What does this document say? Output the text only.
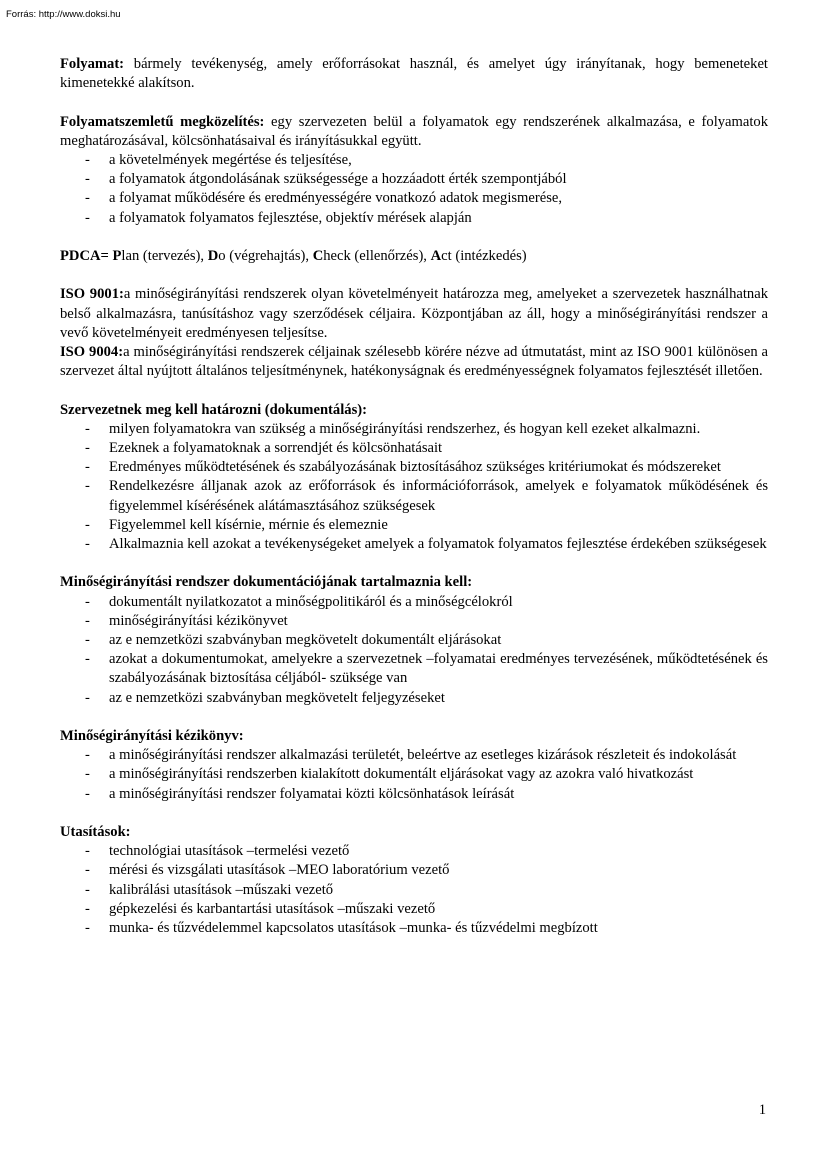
Forrás: http://www.doksi.hu

Folyamat: bármely tevékenység, amely erőforrásokat használ, és amelyet úgy irányítanak, hogy bemeneteket kimenetekké alakítson.

Folyamatszemletű megközelítés: egy szervezeten belül a folyamatok egy rendszerének alkalmazása, e folyamatok meghatározásával, kölcsönhatásaival és irányításukkal együtt.

- a követelmények megértése és teljesítése,
- a folyamatok átgondolásának szükségessége a hozzáadott érték szempontjából
- a folyamat működésére és eredményességére vonatkozó adatok megismerése,
- a folyamatok folyamatos fejlesztése, objektív mérések alapján

PDCA= Plan (tervezés), Do (végrehajtás), Check (ellenőrzés), Act (intézkedés)

ISO 9001:a minőségirányítási rendszerek olyan követelményeit határozza meg, amelyeket a szervezetek használhatnak belső alkalmazásra, tanúsításhoz vagy szerződések céljaira. Központjában az áll, hogy a minőségirányítási rendszer a vevő követelményeit eredményesen teljesítse.

ISO 9004:a minőségirányítási rendszerek céljainak szélesebb körére nézve ad útmutatást, mint az ISO 9001 különösen a szervezet által nyújtott általános teljesítménynek, hatékonyságnak és eredményességnek folyamatos fejlesztését illetően.

Szervezetnek meg kell határozni (dokumentálás):

- milyen folyamatokra van szükség a minőségirányítási rendszerhez, és hogyan kell ezeket alkalmazni.
- Ezeknek a folyamatoknak a sorrendjét és kölcsönhatásait
- Eredményes működtetésének és szabályozásának biztosításához szükséges kritériumokat és módszereket
- Rendelkezésre álljanak azok az erőforrások és információforrások, amelyek e folyamatok működésének és figyelemmel kísérésének alátámasztásához szükségesek
- Figyelemmel kell kísérnie, mérnie és elemeznie
- Alkalmaznia kell azokat a tevékenységeket amelyek a folyamatok folyamatos fejlesztése érdekében szükségesek

Minőségirányítási rendszer dokumentációjának tartalmaznia kell:

- dokumentált nyilatkozatot a minőségpolitikáról és a minőségcélokról
- minőségirányítási kézikönyvet
- az e nemzetközi szabványban megkövetelt dokumentált eljárásokat
- azokat a dokumentumokat, amelyekre a szervezetnek –folyamatai eredményes tervezésének, működtetésének és szabályozásának biztosítása céljából- szüksége van
- az e nemzetközi szabványban megkövetelt feljegyzéseket

Minőségirányítási kézikönyv:

- a minőségirányítási rendszer alkalmazási területét, beleértve az esetleges kizárások részleteit és indokolását
- a minőségirányítási rendszerben kialakított dokumentált eljárásokat vagy az azokra való hivatkozást
- a minőségirányítási rendszer folyamatai közti kölcsönhatások leírását

Utasítások:

- technológiai utasítások –termelési vezető
- mérési és vizsgálati utasítások –MEO laboratórium vezető
- kalibrálási utasítások –műszaki vezető
- gépkezelési és karbantartási utasítások –műszaki vezető
- munka- és tűzvédelemmel kapcsolatos utasítások –munka- és tűzvédelmi megbízott
1
